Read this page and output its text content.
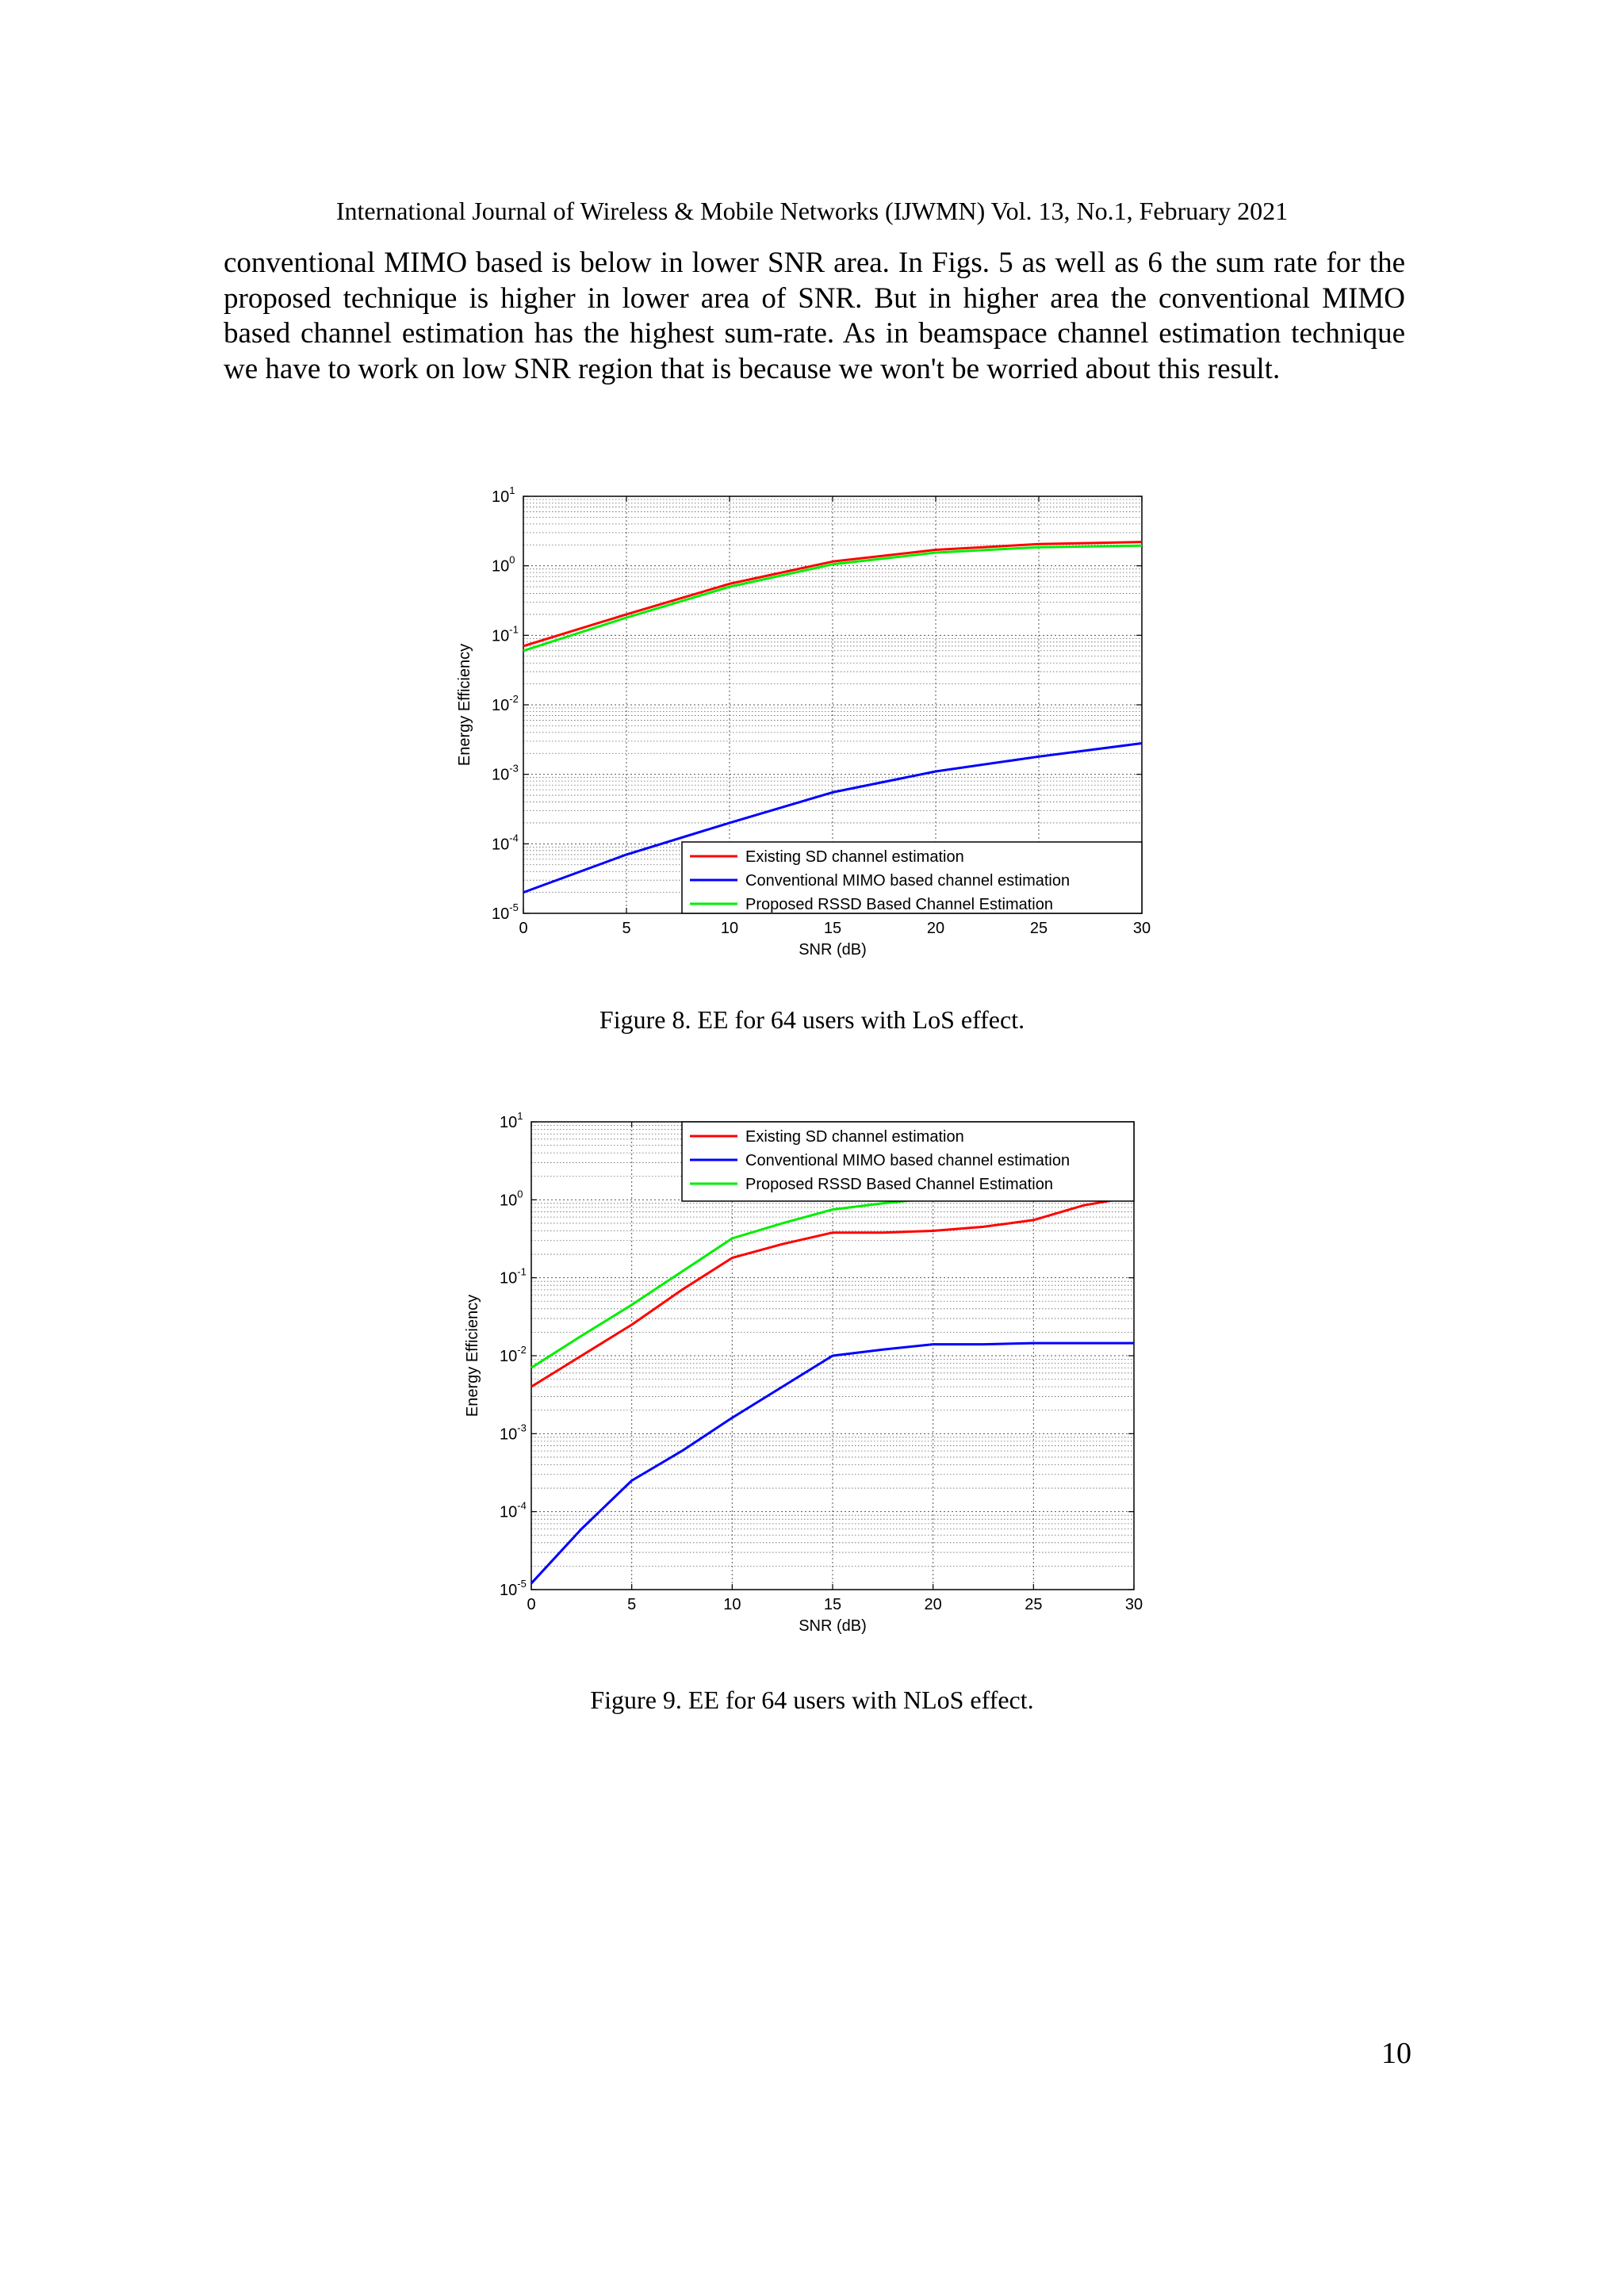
International Journal of Wireless & Mobile Networks (IJWMN) Vol. 13, No.1, February 2021
conventional MIMO based is below in lower SNR area. In Figs. 5 as well as 6 the sum rate for the proposed technique is higher in lower area of SNR. But in higher area the conventional MIMO based channel estimation has the highest sum-rate. As in beamspace channel estimation technique we have to work on low SNR region that is because we won't be worried about this result.
0	5	10	15	20	25	30
$10^{-5}$
$10^{-4}$
$10^{-3}$
$10^{-2}$
$10^{-1}$
$10^0$
$10^1$
SNR (dB)
Energy Efficiency
Existing SD channel estimation
Conventional MIMO based channel estimation
Proposed RSSD Based Channel Estimation
Figure 8. EE for 64 users with LoS effect.
0	5	10	15	20	25	30
$10^{-5}$
$10^{-4}$
$10^{-3}$
$10^{-2}$
$10^{-1}$
$10^0$
$10^1$
SNR (dB)
Energy Efficiency
Existing SD channel estimation
Conventional MIMO based channel estimation
Proposed RSSD Based Channel Estimation
Figure 9. EE for 64 users with NLoS effect.
10
